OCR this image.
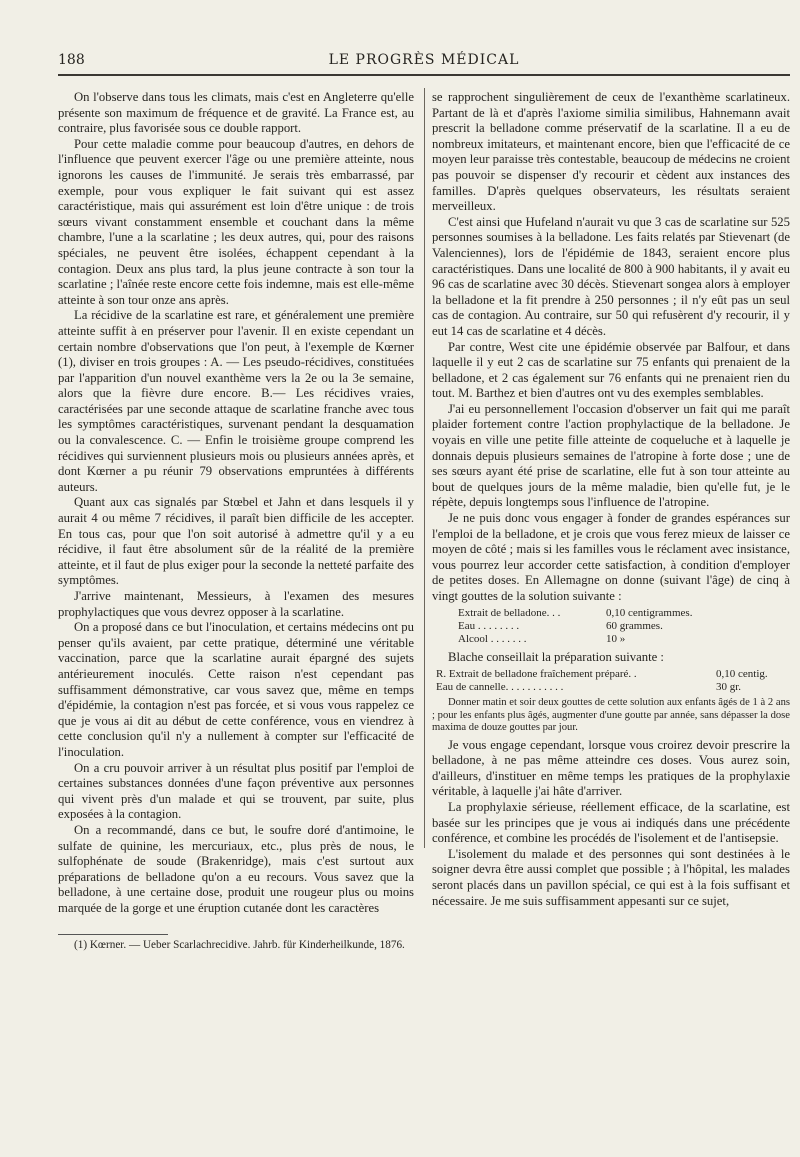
188	LE PROGRÈS MÉDICAL

On l'observe dans tous les climats, mais c'est en Angleterre qu'elle présente son maximum de fréquence et de gravité. La France est, au contraire, plus favorisée sous ce double rapport.

Pour cette maladie comme pour beaucoup d'autres, en dehors de l'influence que peuvent exercer l'âge ou une première atteinte, nous ignorons les causes de l'immunité. Je serais très embarrassé, par exemple, pour vous expliquer le fait suivant qui est assez caractéristique, mais qui assurément est loin d'être unique : de trois sœurs vivant constamment ensemble et couchant dans la même chambre, l'une a la scarlatine ; les deux autres, qui, pour des raisons spéciales, ne peuvent être isolées, échappent cependant à la contagion. Deux ans plus tard, la plus jeune contracte à son tour la scarlatine ; l'aînée reste encore cette fois indemne, mais est elle-même atteinte à son tour onze ans après.

La récidive de la scarlatine est rare, et généralement une première atteinte suffit à en préserver pour l'avenir. Il en existe cependant un certain nombre d'observations que l'on peut, à l'exemple de Kœrner (1), diviser en trois groupes : A. — Les pseudo-récidives, constituées par l'apparition d'un nouvel exanthème vers la 2e ou la 3e semaine, alors que la fièvre dure encore. B.— Les récidives vraies, caractérisées par une seconde attaque de scarlatine franche avec tous les symptômes caractéristiques, survenant pendant la desquamation ou la convalescence. C. — Enfin le troisième groupe comprend les récidives qui surviennent plusieurs mois ou plusieurs années après, et dont Kœrner a pu réunir 79 observations empruntées à différents auteurs.

Quant aux cas signalés par Stœbel et Jahn et dans lesquels il y aurait 4 ou même 7 récidives, il paraît bien difficile de les accepter. En tous cas, pour que l'on soit autorisé à admettre qu'il y a eu récidive, il faut être absolument sûr de la réalité de la première atteinte, et il faut de plus exiger pour la seconde la netteté parfaite des symptômes.

J'arrive maintenant, Messieurs, à l'examen des mesures prophylactiques que vous devrez opposer à la scarlatine.

On a proposé dans ce but l'inoculation, et certains médecins ont pu penser qu'ils avaient, par cette pratique, déterminé une véritable vaccination, parce que la scarlatine aurait épargné des sujets antérieurement inoculés. Cette raison n'est cependant pas suffisamment démonstrative, car vous savez que, même en temps d'épidémie, la contagion n'est pas forcée, et si vous vous rappelez ce que je vous ai dit au début de cette conférence, vous en viendrez à cette conclusion qu'il n'y a nullement à compter sur l'efficacité de l'inoculation.

On a cru pouvoir arriver à un résultat plus positif par l'emploi de certaines substances données d'une façon préventive aux personnes qui vivent près d'un malade et qui se trouvent, par suite, plus exposées à la contagion.

On a recommandé, dans ce but, le soufre doré d'antimoine, le sulfate de quinine, les mercuriaux, etc., plus près de nous, le sulfophénate de soude (Brakenridge), mais c'est surtout aux préparations de belladone qu'on a eu recours. Vous savez que la belladone, à une certaine dose, produit une rougeur plus ou moins marquée de la gorge et une éruption cutanée dont les caractères

(1) Kœrner. — Ueber Scarlachrecidive. Jahrb. für Kinderheilkunde, 1876.

se rapprochent singulièrement de ceux de l'exanthème scarlatineux. Partant de là et d'après l'axiome similia similibus, Hahnemann avait prescrit la belladone comme préservatif de la scarlatine. Il a eu de nombreux imitateurs, et maintenant encore, bien que l'efficacité de ce moyen leur paraisse très contestable, beaucoup de médecins ne croient pas pouvoir se dispenser d'y recourir et cèdent aux instances des familles. D'après quelques observateurs, les résultats seraient merveilleux.

C'est ainsi que Hufeland n'aurait vu que 3 cas de scarlatine sur 525 personnes soumises à la belladone. Les faits relatés par Stievenart (de Valenciennes), lors de l'épidémie de 1843, seraient encore plus caractéristiques. Dans une localité de 800 à 900 habitants, il y avait eu 96 cas de scarlatine avec 30 décès. Stievenart songea alors à employer la belladone et la fit prendre à 250 personnes ; il n'y eût pas un seul cas de contagion. Au contraire, sur 50 qui refusèrent d'y recourir, il y eut 14 cas de scarlatine et 4 décès.

Par contre, West cite une épidémie observée par Balfour, et dans laquelle il y eut 2 cas de scarlatine sur 75 enfants qui prenaient de la belladone, et 2 cas également sur 76 enfants qui ne prenaient rien du tout. M. Barthez et bien d'autres ont vu des exemples semblables.

J'ai eu personnellement l'occasion d'observer un fait qui me paraît plaider fortement contre l'action prophylactique de la belladone. Je voyais en ville une petite fille atteinte de coqueluche et à laquelle je donnais depuis plusieurs semaines de l'atropine à forte dose ; une de ses sœurs ayant été prise de scarlatine, elle fut à son tour atteinte au bout de quelques jours de la même maladie, bien qu'elle fut, je le répète, depuis longtemps sous l'influence de l'atropine.

Je ne puis donc vous engager à fonder de grandes espérances sur l'emploi de la belladone, et je crois que vous ferez mieux de laisser ce moyen de côté ; mais si les familles vous le réclament avec insistance, vous pourrez leur accorder cette satisfaction, à condition d'employer de petites doses. En Allemagne on donne (suivant l'âge) de cinq à vingt gouttes de la solution suivante :

Extrait de belladone. . .	0,10 centigrammes.
Eau . . . . . . . .	60 grammes.
Alcool . . . . . . .	10 »

Blache conseillait la préparation suivante :

R. Extrait de belladone fraîchement préparé. .	0,10 centig.
Eau de cannelle. . . . . . . . . . .	30 gr.
Donner matin et soir deux gouttes de cette solution aux enfants âgés de 1 à 2 ans ; pour les enfants plus âgés, augmenter d'une goutte par année, sans dépasser la dose maxima de douze gouttes par jour.

Je vous engage cependant, lorsque vous croirez devoir prescrire la belladone, à ne pas même atteindre ces doses. Vous aurez soin, d'ailleurs, d'instituer en même temps les pratiques de la prophylaxie véritable, à laquelle j'ai hâte d'arriver.

La prophylaxie sérieuse, réellement efficace, de la scarlatine, est basée sur les principes que je vous ai indiqués dans une précédente conférence, et combine les procédés de l'isolement et de l'antisepsie.

L'isolement du malade et des personnes qui sont destinées à le soigner devra être aussi complet que possible ; à l'hôpital, les malades seront placés dans un pavillon spécial, ce qui est à la fois suffisant et nécessaire. Je me suis suffisamment appesanti sur ce sujet,
